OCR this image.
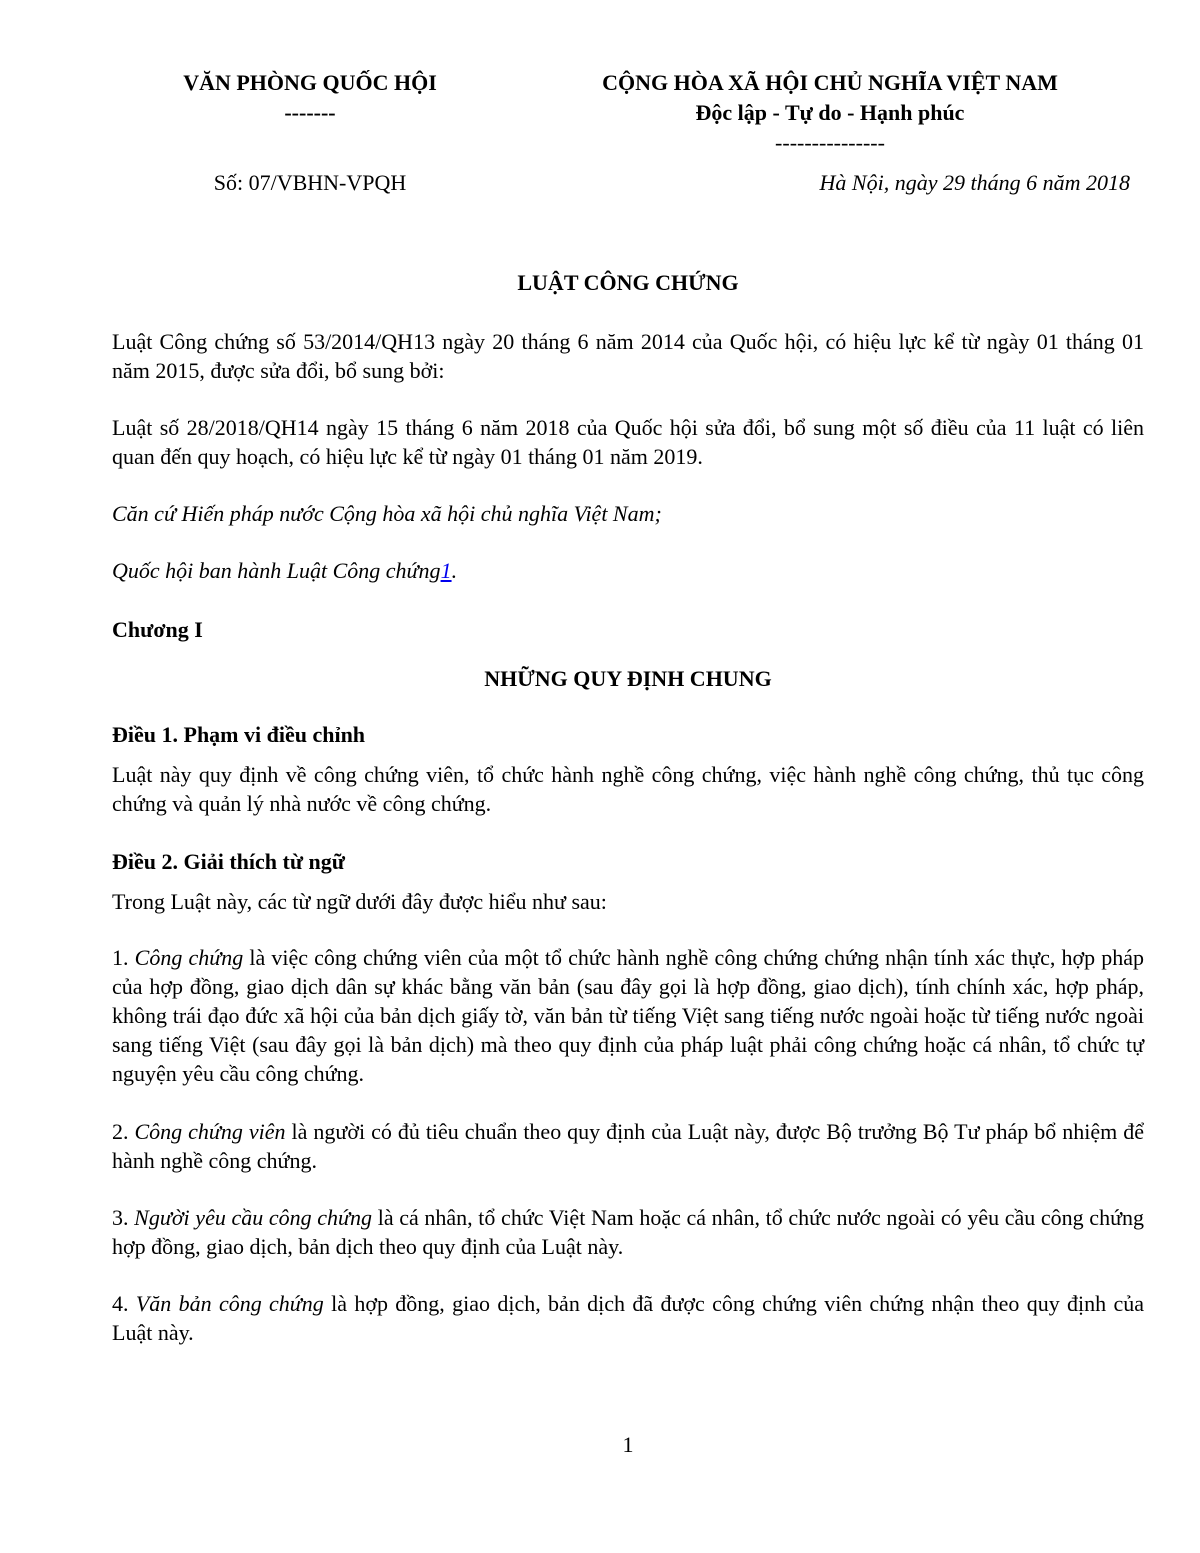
VĂN PHÒNG QUỐC HỘI
-------
CỘNG HÒA XÃ HỘI CHỦ NGHĨA VIỆT NAM
Độc lập - Tự do - Hạnh phúc
---------------
Số: 07/VBHN-VPQH	Hà Nội, ngày 29 tháng 6 năm 2018
LUẬT CÔNG CHỨNG

Luật Công chứng số 53/2014/QH13 ngày 20 tháng 6 năm 2014 của Quốc hội, có hiệu lực kể từ ngày 01 tháng 01 năm 2015, được sửa đổi, bổ sung bởi:

Luật số 28/2018/QH14 ngày 15 tháng 6 năm 2018 của Quốc hội sửa đổi, bổ sung một số điều của 11 luật có liên quan đến quy hoạch, có hiệu lực kể từ ngày 01 tháng 01 năm 2019.

Căn cứ Hiến pháp nước Cộng hòa xã hội chủ nghĩa Việt Nam;

Quốc hội ban hành Luật Công chứng1.

Chương I

NHỮNG QUY ĐỊNH CHUNG

Điều 1. Phạm vi điều chỉnh

Luật này quy định về công chứng viên, tổ chức hành nghề công chứng, việc hành nghề công chứng, thủ tục công chứng và quản lý nhà nước về công chứng.

Điều 2. Giải thích từ ngữ

Trong Luật này, các từ ngữ dưới đây được hiểu như sau:

1. Công chứng là việc công chứng viên của một tổ chức hành nghề công chứng chứng nhận tính xác thực, hợp pháp của hợp đồng, giao dịch dân sự khác bằng văn bản (sau đây gọi là hợp đồng, giao dịch), tính chính xác, hợp pháp, không trái đạo đức xã hội của bản dịch giấy tờ, văn bản từ tiếng Việt sang tiếng nước ngoài hoặc từ tiếng nước ngoài sang tiếng Việt (sau đây gọi là bản dịch) mà theo quy định của pháp luật phải công chứng hoặc cá nhân, tổ chức tự nguyện yêu cầu công chứng.

2. Công chứng viên là người có đủ tiêu chuẩn theo quy định của Luật này, được Bộ trưởng Bộ Tư pháp bổ nhiệm để hành nghề công chứng.

3. Người yêu cầu công chứng là cá nhân, tổ chức Việt Nam hoặc cá nhân, tổ chức nước ngoài có yêu cầu công chứng hợp đồng, giao dịch, bản dịch theo quy định của Luật này.

4. Văn bản công chứng là hợp đồng, giao dịch, bản dịch đã được công chứng viên chứng nhận theo quy định của Luật này.

1
